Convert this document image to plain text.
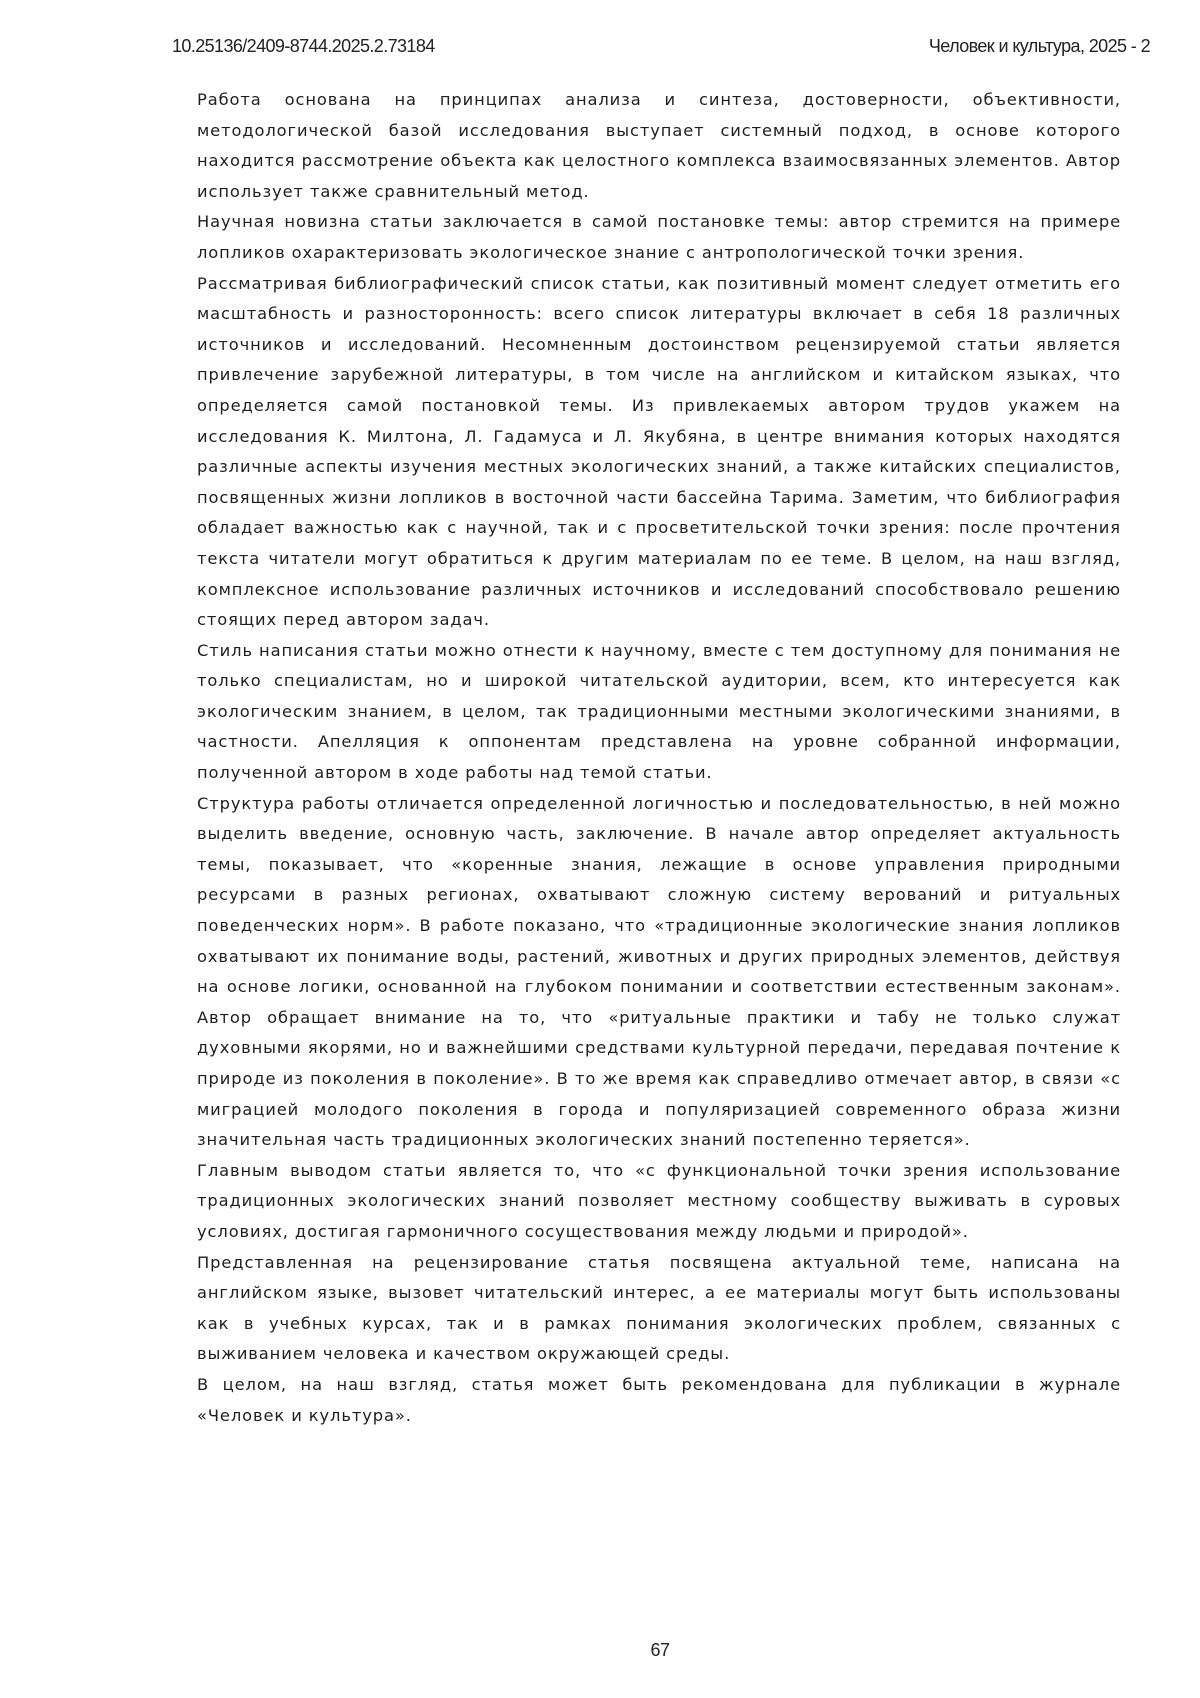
10.25136/2409-8744.2025.2.73184	Человек и культура, 2025 - 2

Работа основана на принципах анализа и синтеза, достоверности, объективности, методологической базой исследования выступает системный подход, в основе которого находится рассмотрение объекта как целостного комплекса взаимосвязанных элементов. Автор использует также сравнительный метод.

Научная новизна статьи заключается в самой постановке темы: автор стремится на примере лопликов охарактеризовать экологическое знание с антропологической точки зрения.

Рассматривая библиографический список статьи, как позитивный момент следует отметить его масштабность и разносторонность: всего список литературы включает в себя 18 различных источников и исследований. Несомненным достоинством рецензируемой статьи является привлечение зарубежной литературы, в том числе на английском и китайском языках, что определяется самой постановкой темы. Из привлекаемых автором трудов укажем на исследования К. Милтона, Л. Гадамуса и Л. Якубяна, в центре внимания которых находятся различные аспекты изучения местных экологических знаний, а также китайских специалистов, посвященных жизни лопликов в восточной части бассейна Тарима. Заметим, что библиография обладает важностью как с научной, так и с просветительской точки зрения: после прочтения текста читатели могут обратиться к другим материалам по ее теме. В целом, на наш взгляд, комплексное использование различных источников и исследований способствовало решению стоящих перед автором задач.

Стиль написания статьи можно отнести к научному, вместе с тем доступному для понимания не только специалистам, но и широкой читательской аудитории, всем, кто интересуется как экологическим знанием, в целом, так традиционными местными экологическими знаниями, в частности. Апелляция к оппонентам представлена на уровне собранной информации, полученной автором в ходе работы над темой статьи.

Структура работы отличается определенной логичностью и последовательностью, в ней можно выделить введение, основную часть, заключение. В начале автор определяет актуальность темы, показывает, что «коренные знания, лежащие в основе управления природными ресурсами в разных регионах, охватывают сложную систему верований и ритуальных поведенческих норм». В работе показано, что «традиционные экологические знания лопликов охватывают их понимание воды, растений, животных и других природных элементов, действуя на основе логики, основанной на глубоком понимании и соответствии естественным законам». Автор обращает внимание на то, что «ритуальные практики и табу не только служат духовными якорями, но и важнейшими средствами культурной передачи, передавая почтение к природе из поколения в поколение». В то же время как справедливо отмечает автор, в связи «с миграцией молодого поколения в города и популяризацией современного образа жизни значительная часть традиционных экологических знаний постепенно теряется».

Главным выводом статьи является то, что «с функциональной точки зрения использование традиционных экологических знаний позволяет местному сообществу выживать в суровых условиях, достигая гармоничного сосуществования между людьми и природой».

Представленная на рецензирование статья посвящена актуальной теме, написана на английском языке, вызовет читательский интерес, а ее материалы могут быть использованы как в учебных курсах, так и в рамках понимания экологических проблем, связанных с выживанием человека и качеством окружающей среды.

В целом, на наш взгляд, статья может быть рекомендована для публикации в журнале «Человек и культура».

67
